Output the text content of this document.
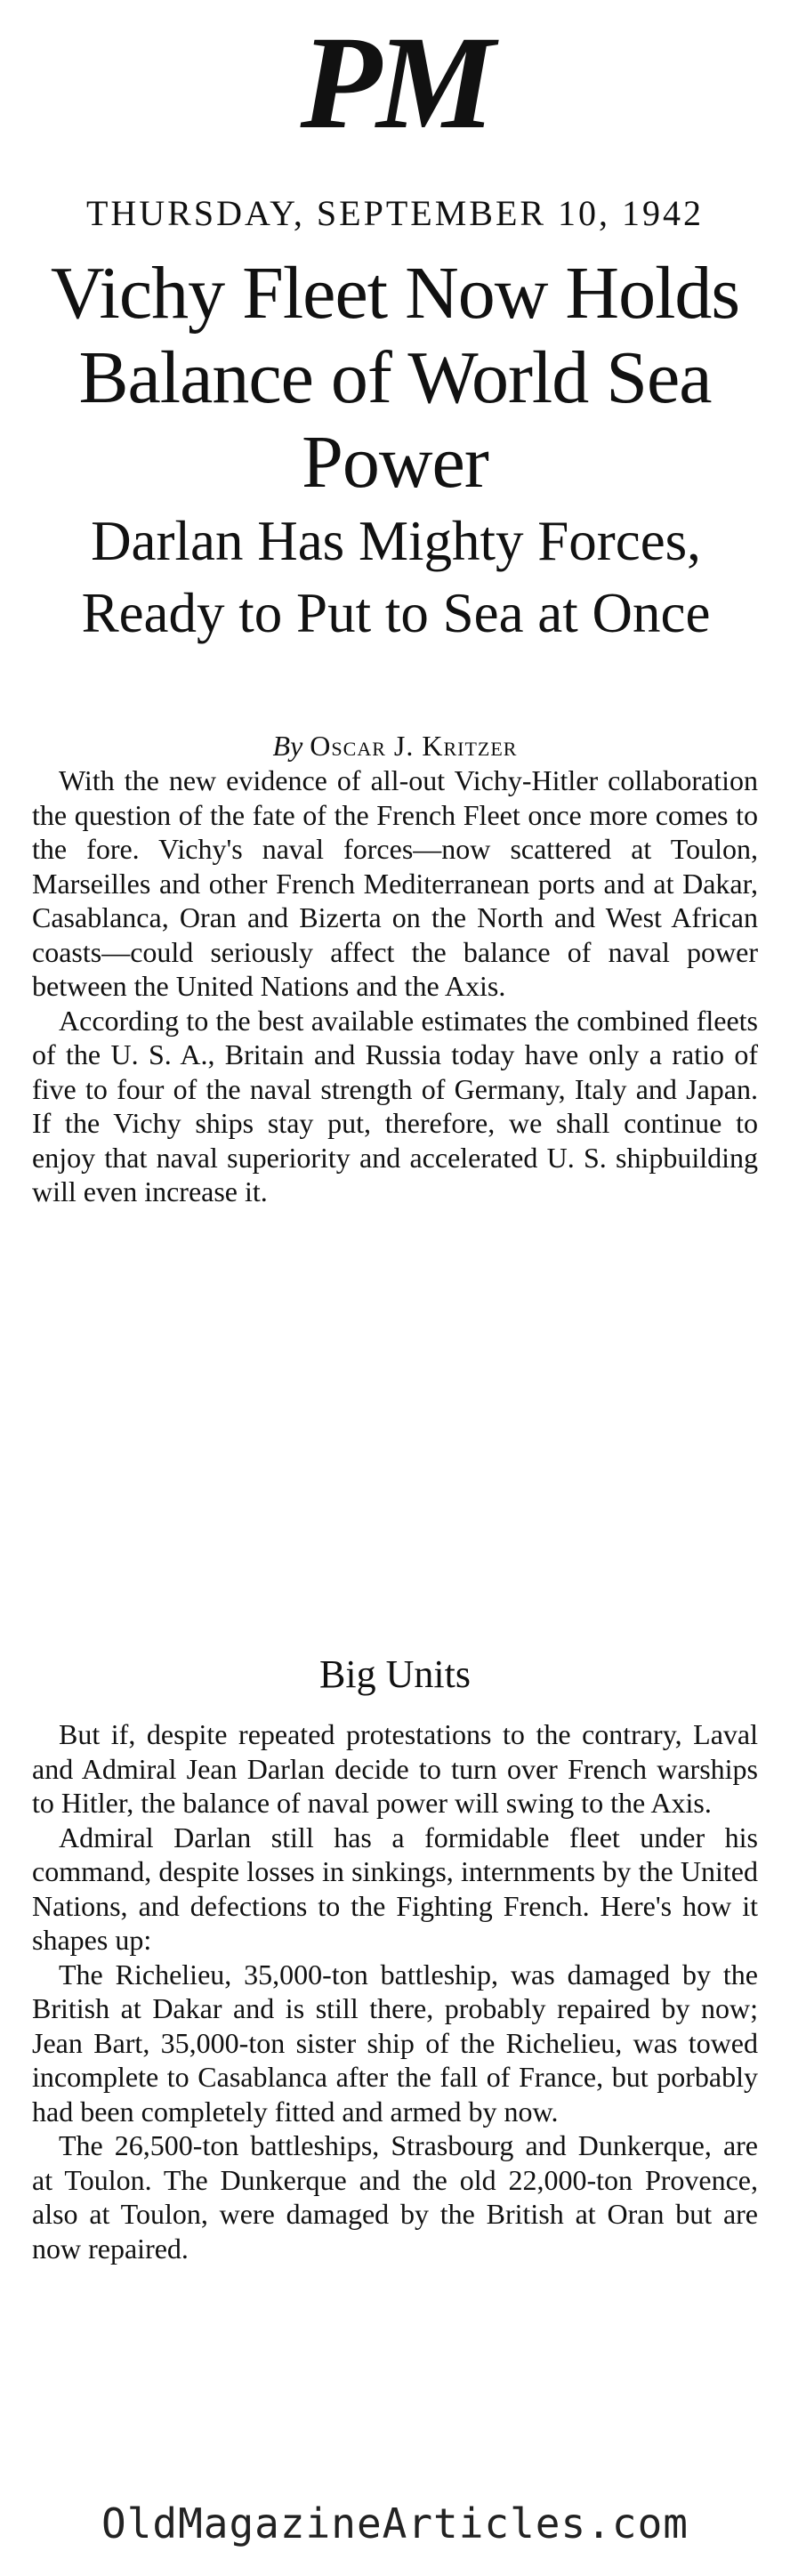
PM
THURSDAY, SEPTEMBER 10, 1942
Vichy Fleet Now Holds Balance of World Sea Power
Darlan Has Mighty Forces, Ready to Put to Sea at Once
By Oscar J. Kritzer

With the new evidence of all-out Vichy-Hitler collaboration the question of the fate of the French Fleet once more comes to the fore. Vichy's naval forces—now scattered at Toulon, Marseilles and other French Mediterranean ports and at Dakar, Casablanca, Oran and Bizerta on the North and West African coasts—could seriously affect the balance of naval power between the United Nations and the Axis.

According to the best available estimates the combined fleets of the U. S. A., Britain and Russia today have only a ratio of five to four of the naval strength of Germany, Italy and Japan. If the Vichy ships stay put, therefore, we shall continue to enjoy that naval superiority and accelerated U. S. shipbuilding will even increase it.

Big Units

But if, despite repeated protestations to the contrary, Laval and Admiral Jean Darlan decide to turn over French warships to Hitler, the balance of naval power will swing to the Axis.

Admiral Darlan still has a formidable fleet under his command, despite losses in sinkings, internments by the United Nations, and defections to the Fighting French. Here's how it shapes up:

The Richelieu, 35,000-ton battleship, was damaged by the British at Dakar and is still there, probably repaired by now; Jean Bart, 35,000-ton sister ship of the Richelieu, was towed incomplete to Casablanca after the fall of France, but porbably had been completely fitted and armed by now.

The 26,500-ton battleships, Strasbourg and Dunkerque, are at Toulon. The Dunkerque and the old 22,000-ton Provence, also at Toulon, were damaged by the British at Oran but are now repaired.

OldMagazineArticles.com
